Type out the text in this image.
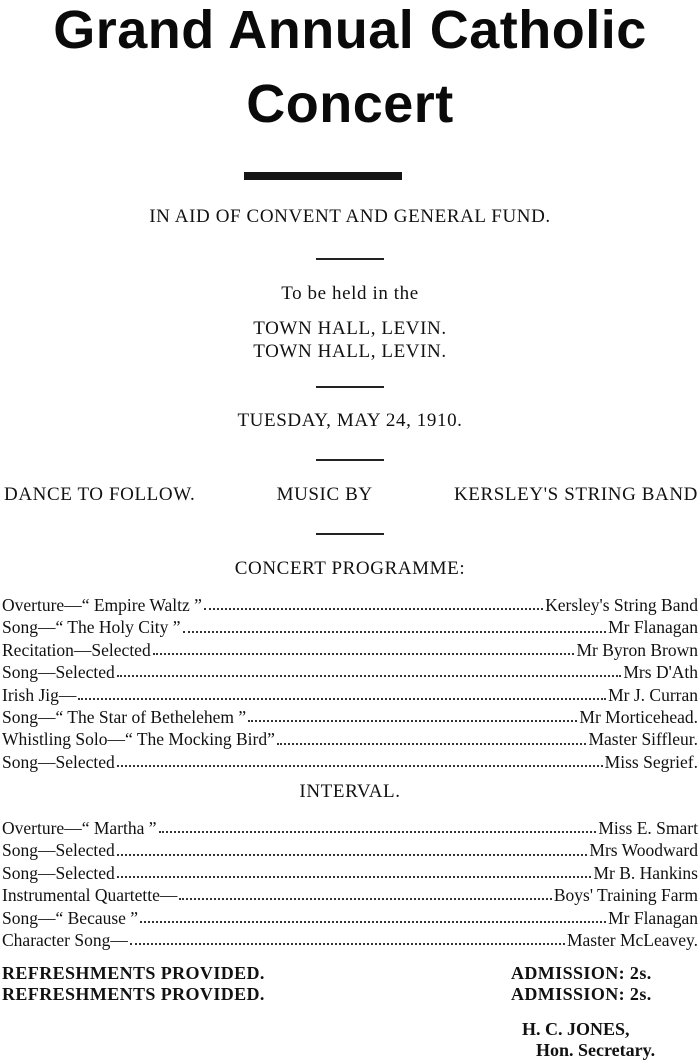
Grand Annual Catholic
Concert
IN AID OF CONVENT AND GENERAL FUND.
To be held in the
TOWN HALL, LEVIN.
TOWN HALL, LEVIN.
TUESDAY, MAY 24, 1910.
DANCE TO FOLLOW.	MUSIC BY	KERSLEY'S STRING BAND
CONCERT PROGRAMME:
Overture—“ Empire Waltz ”	Kersley's String Band
Song—“ The Holy City ”	Mr Flanagan
Recitation—Selected	Mr Byron Brown
Song—Selected	Mrs D'Ath
Irish Jig—	Mr J. Curran
Song—“ The Star of Bethelehem ”	Mr Morticehead.
Whistling Solo—“ The Mocking Bird”	Master Siffleur.
Song—Selected	Miss Segrief.
INTERVAL.
Overture—“ Martha ”	Miss E. Smart
Song—Selected	Mrs Woodward
Song—Selected	Mr B. Hankins
Instrumental Quartette—	Boys' Training Farm
Song—“ Because ”	Mr Flanagan
Character Song—	Master McLeavey.
REFRESHMENTS PROVIDED.
REFRESHMENTS PROVIDED.
ADMISSION: 2s.
ADMISSION: 2s.
H. C. JONES,
Hon. Secretary.
